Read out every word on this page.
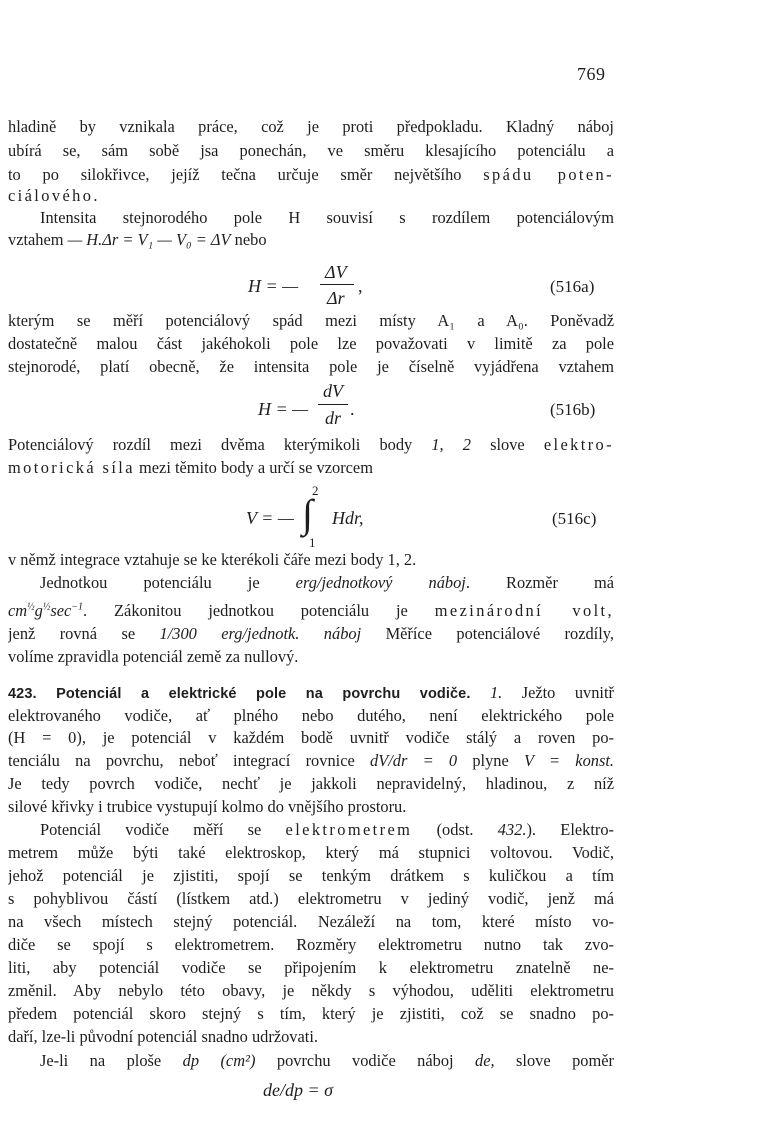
769
hladině by vznikala práce, což je proti předpokladu. Kladný náboj
ubírá se, sám sobě jsa ponechán, ve směru klesajícího potenciálu a
to po silokřivce, jejíž tečna určuje směr největšího spádu poten-
ciálového.
Intensita stejnorodého pole H souvisí s rozdílem potenciálovým
vztahem — H.Δr = V₁ — V₀ = ΔV nebo
H = —
ΔV
Δr
,	(516a)
kterým se měří potenciálový spád mezi místy A₁ a A₀. Poněvadž
dostatečně malou část jakéhokoli pole lze považovati v limitě za pole
stejnorodé, platí obecně, že intensita pole je číselně vyjádřena vztahem
H = —
dV
dr .	(516b)
Potenciálový rozdíl mezi dvěma kterýmikoli body 1, 2 slove elektro-
motorická síla mezi těmito body a určí se vzorcem
V = —
2
∫
1
Hdr,	(516c)
v němž integrace vztahuje se ke kterékoli čáře mezi body 1, 2.
Jednotkou potenciálu je erg/jednotkový náboj. Rozměr má
$cm^{\frac{1}{2}}g^{\frac{1}{2}}\sec^{-1}$. Zákonitou jednotkou potenciálu je mezinárodní volt,
jenž rovná se 1/300 erg/jednotk. náboj Měříce potenciálové rozdíly,
volíme zpravidla potenciál země za nullový.
423. Potenciál a elektrické pole na povrchu vodiče. 1. Ježto uvnitř
elektrovaného vodiče, ať plného nebo dutého, není elektrického pole
(H = 0), je potenciál v každém bodě uvnitř vodiče stálý a roven po-
tenciálu na povrchu, neboť integrací rovnice dV/dr = 0 plyne V = konst.
Je tedy povrch vodiče, nechť je jakkoli nepravidelný, hladinou, z níž
silové křivky i trubice vystupují kolmo do vnějšího prostoru.
Potenciál vodiče měří se elektrometrem (odst. 432.). Elektro-
metrem může býti také elektroskop, který má stupnici voltovou. Vodič,
jehož potenciál je zjistiti, spojí se tenkým drátkem s kuličkou a tím
s pohyblivou částí (lístkem atd.) elektrometru v jediný vodič, jenž má
na všech místech stejný potenciál. Nezáleží na tom, které místo vo-
diče se spojí s elektrometrem. Rozměry elektrometru nutno tak zvo-
liti, aby potenciál vodiče se připojením k elektrometru znatelně ne-
změnil. Aby nebylo této obavy, je někdy s výhodou, uděliti elektrometru
předem potenciál skoro stejný s tím, který je zjistiti, což se snadno po-
daří, lze-li původní potenciál snadno udržovati.
Je-li na ploše dp (cm²) povrchu vodiče náboj de, slove poměr
de/dp = σ
